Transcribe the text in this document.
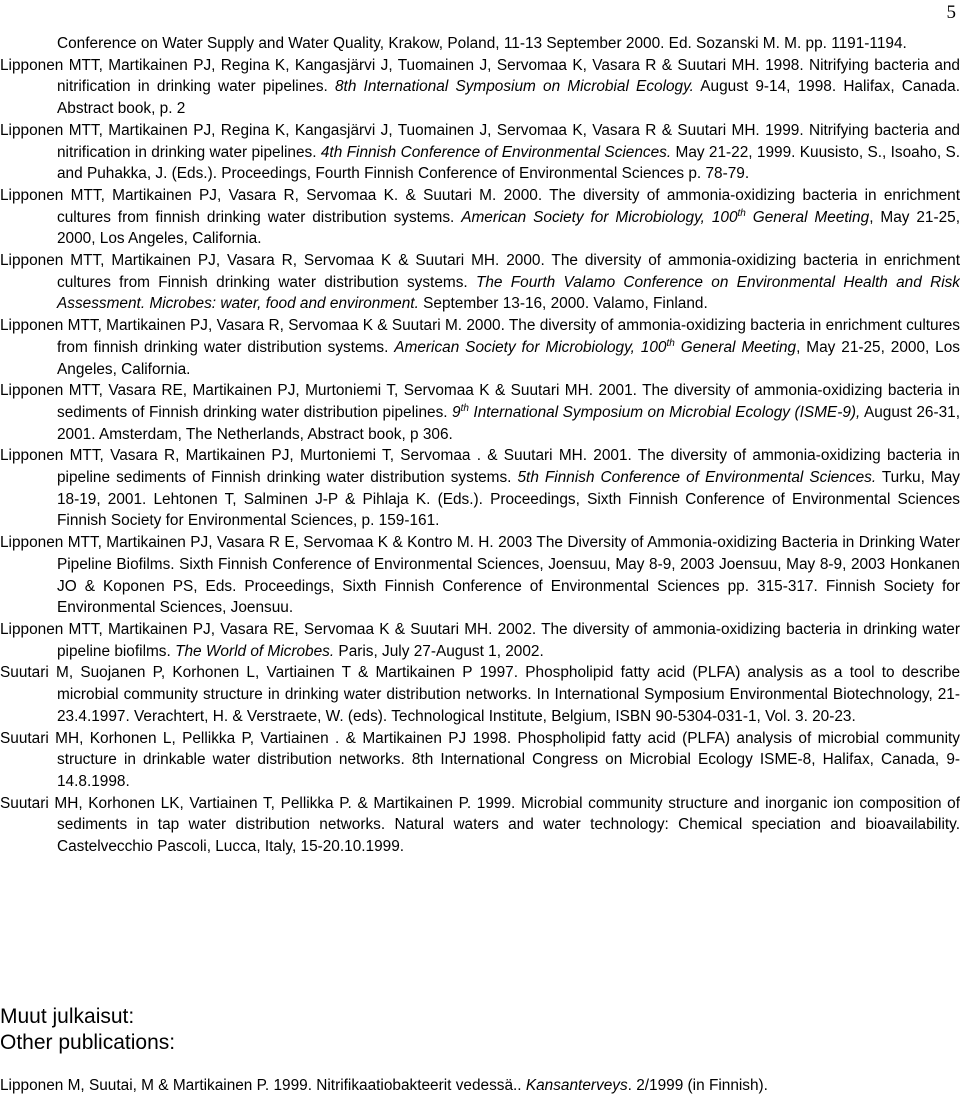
5

Conference on Water Supply and Water Quality, Krakow, Poland, 11-13 September 2000. Ed. Sozanski M. M. pp. 1191-1194.

Lipponen MTT, Martikainen PJ, Regina K, Kangasjärvi J, Tuomainen J, Servomaa K, Vasara R & Suutari MH. 1998. Nitrifying bacteria and nitrification in drinking water pipelines. 8th International Symposium on Microbial Ecology. August 9-14, 1998. Halifax, Canada. Abstract book, p. 2

Lipponen MTT, Martikainen PJ, Regina K, Kangasjärvi J, Tuomainen J, Servomaa K, Vasara R & Suutari MH. 1999. Nitrifying bacteria and nitrification in drinking water pipelines. 4th Finnish Conference of Environmental Sciences. May 21-22, 1999. Kuusisto, S., Isoaho, S. and Puhakka, J. (Eds.). Proceedings, Fourth Finnish Conference of Environmental Sciences p. 78-79.

Lipponen MTT, Martikainen PJ, Vasara R, Servomaa K. & Suutari M. 2000. The diversity of ammonia-oxidizing bacteria in enrichment cultures from finnish drinking water distribution systems. American Society for Microbiology, 100th General Meeting, May 21-25, 2000, Los Angeles, California.

Lipponen MTT, Martikainen PJ, Vasara R, Servomaa K & Suutari MH. 2000. The diversity of ammonia-oxidizing bacteria in enrichment cultures from Finnish drinking water distribution systems. The Fourth Valamo Conference on Environmental Health and Risk Assessment. Microbes: water, food and environment. September 13-16, 2000. Valamo, Finland.

Lipponen MTT, Martikainen PJ, Vasara R, Servomaa K & Suutari M. 2000. The diversity of ammonia-oxidizing bacteria in enrichment cultures from finnish drinking water distribution systems. American Society for Microbiology, 100th General Meeting, May 21-25, 2000, Los Angeles, California.

Lipponen MTT, Vasara RE, Martikainen PJ, Murtoniemi T, Servomaa K & Suutari MH. 2001. The diversity of ammonia-oxidizing bacteria in sediments of Finnish drinking water distribution pipelines. 9th International Symposium on Microbial Ecology (ISME-9), August 26-31, 2001. Amsterdam, The Netherlands, Abstract book, p 306.

Lipponen MTT, Vasara R, Martikainen PJ, Murtoniemi T, Servomaa . & Suutari MH. 2001. The diversity of ammonia-oxidizing bacteria in pipeline sediments of Finnish drinking water distribution systems. 5th Finnish Conference of Environmental Sciences. Turku, May 18-19, 2001. Lehtonen T, Salminen J-P & Pihlaja K. (Eds.). Proceedings, Sixth Finnish Conference of Environmental Sciences Finnish Society for Environmental Sciences, p. 159-161.

Lipponen MTT, Martikainen PJ, Vasara R E, Servomaa K & Kontro M. H. 2003 The Diversity of Ammonia-oxidizing Bacteria in Drinking Water Pipeline Biofilms. Sixth Finnish Conference of Environmental Sciences, Joensuu, May 8-9, 2003 Joensuu, May 8-9, 2003 Honkanen JO & Koponen PS, Eds. Proceedings, Sixth Finnish Conference of Environmental Sciences pp. 315-317. Finnish Society for Environmental Sciences, Joensuu.

Lipponen MTT, Martikainen PJ, Vasara RE, Servomaa K & Suutari MH. 2002. The diversity of ammonia-oxidizing bacteria in drinking water pipeline biofilms. The World of Microbes. Paris, July 27-August 1, 2002.

Suutari M, Suojanen P, Korhonen L, Vartiainen T & Martikainen P 1997. Phospholipid fatty acid (PLFA) analysis as a tool to describe microbial community structure in drinking water distribution networks. In International Symposium Environmental Biotechnology, 21-23.4.1997. Verachtert, H. & Verstraete, W. (eds). Technological Institute, Belgium, ISBN 90-5304-031-1, Vol. 3. 20-23.

Suutari MH, Korhonen L, Pellikka P, Vartiainen . & Martikainen PJ 1998. Phospholipid fatty acid (PLFA) analysis of microbial community structure in drinkable water distribution networks. 8th International Congress on Microbial Ecology ISME-8, Halifax, Canada, 9-14.8.1998.

Suutari MH, Korhonen LK, Vartiainen T, Pellikka P. & Martikainen P. 1999. Microbial community structure and inorganic ion composition of sediments in tap water distribution networks. Natural waters and water technology: Chemical speciation and bioavailability. Castelvecchio Pascoli, Lucca, Italy, 15-20.10.1999.

Muut julkaisut:
Other publications:
Lipponen M, Suutai, M & Martikainen P. 1999. Nitrifikaatiobakteerit vedessä.. Kansanterveys. 2/1999 (in Finnish).
